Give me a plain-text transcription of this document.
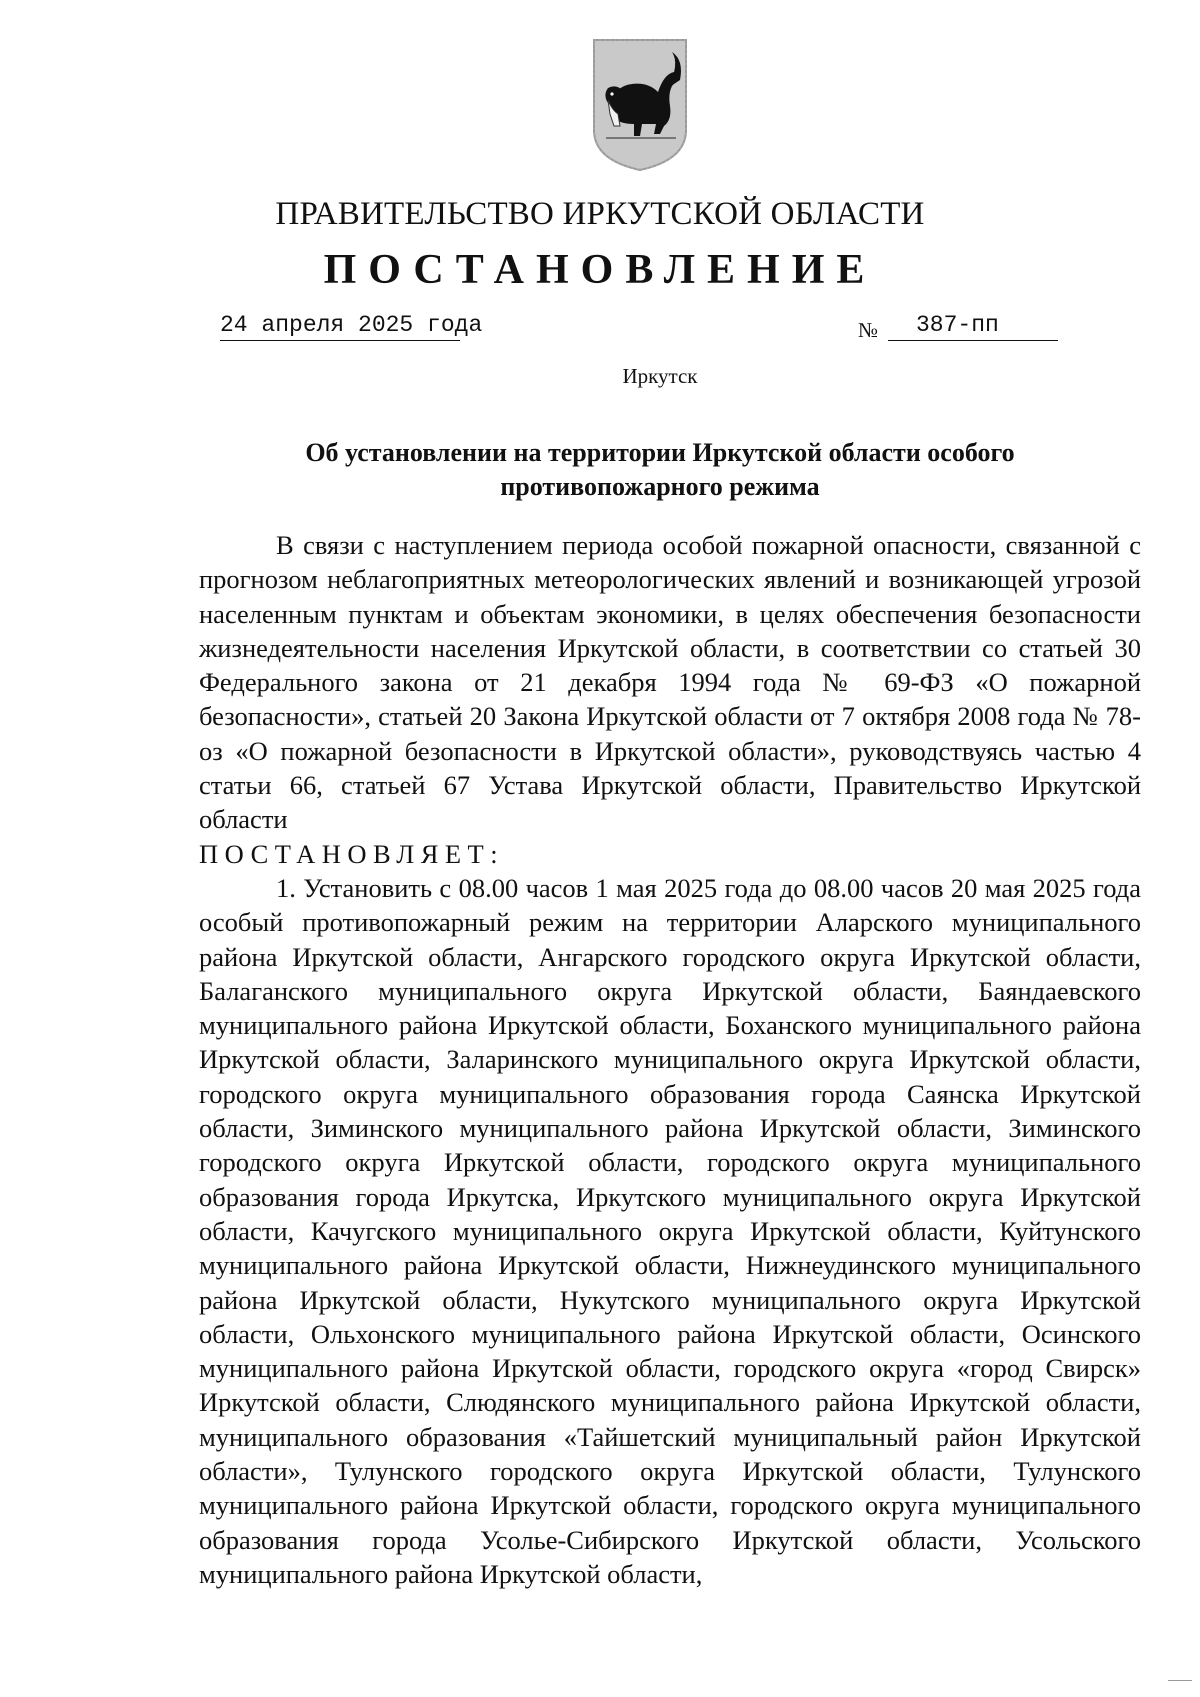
ПРАВИТЕЛЬСТВО ИРКУТСКОЙ ОБЛАСТИ
ПОСТАНОВЛЕНИЕ
24 апреля 2025 года	№	387-пп
Иркутск
Об установлении на территории Иркутской области особого противопожарного режима

В связи с наступлением периода особой пожарной опасности, связанной с прогнозом неблагоприятных метеорологических явлений и возникающей угрозой населенным пунктам и объектам экономики, в целях обеспечения безопасности жизнедеятельности населения Иркутской области, в соответствии со статьей 30 Федерального закона от 21 декабря 1994 года № 69-ФЗ «О пожарной безопасности», статьей 20 Закона Иркутской области от 7 октября 2008 года № 78-оз «О пожарной безопасности в Иркутской области», руководствуясь частью 4 статьи 66, статьей 67 Устава Иркутской области, Правительство Иркутской области

ПОСТАНОВЛЯЕТ:

1. Установить с 08.00 часов 1 мая 2025 года до 08.00 часов 20 мая 2025 года особый противопожарный режим на территории Аларского муниципального района Иркутской области, Ангарского городского округа Иркутской области, Балаганского муниципального округа Иркутской области, Баяндаевского муниципального района Иркутской области, Боханского муниципального района Иркутской области, Заларинского муниципального округа Иркутской области, городского округа муниципального образования города Саянска Иркутской области, Зиминского муниципального района Иркутской области, Зиминского городского округа Иркутской области, городского округа муниципального образования города Иркутска, Иркутского муниципального округа Иркутской области, Качугского муниципального округа Иркутской области, Куйтунского муниципального района Иркутской области, Нижнеудинского муниципального района Иркутской области, Нукутского муниципального округа Иркутской области, Ольхонского муниципального района Иркутской области, Осинского муниципального района Иркутской области, городского округа «город Свирск» Иркутской области, Слюдянского муниципального района Иркутской области, муниципального образования «Тайшетский муниципальный район Иркутской области», Тулунского городского округа Иркутской области, Тулунского муниципального района Иркутской области, городского округа муниципального образования города Усолье-Сибирского Иркутской области, Усольского муниципального района Иркутской области,
